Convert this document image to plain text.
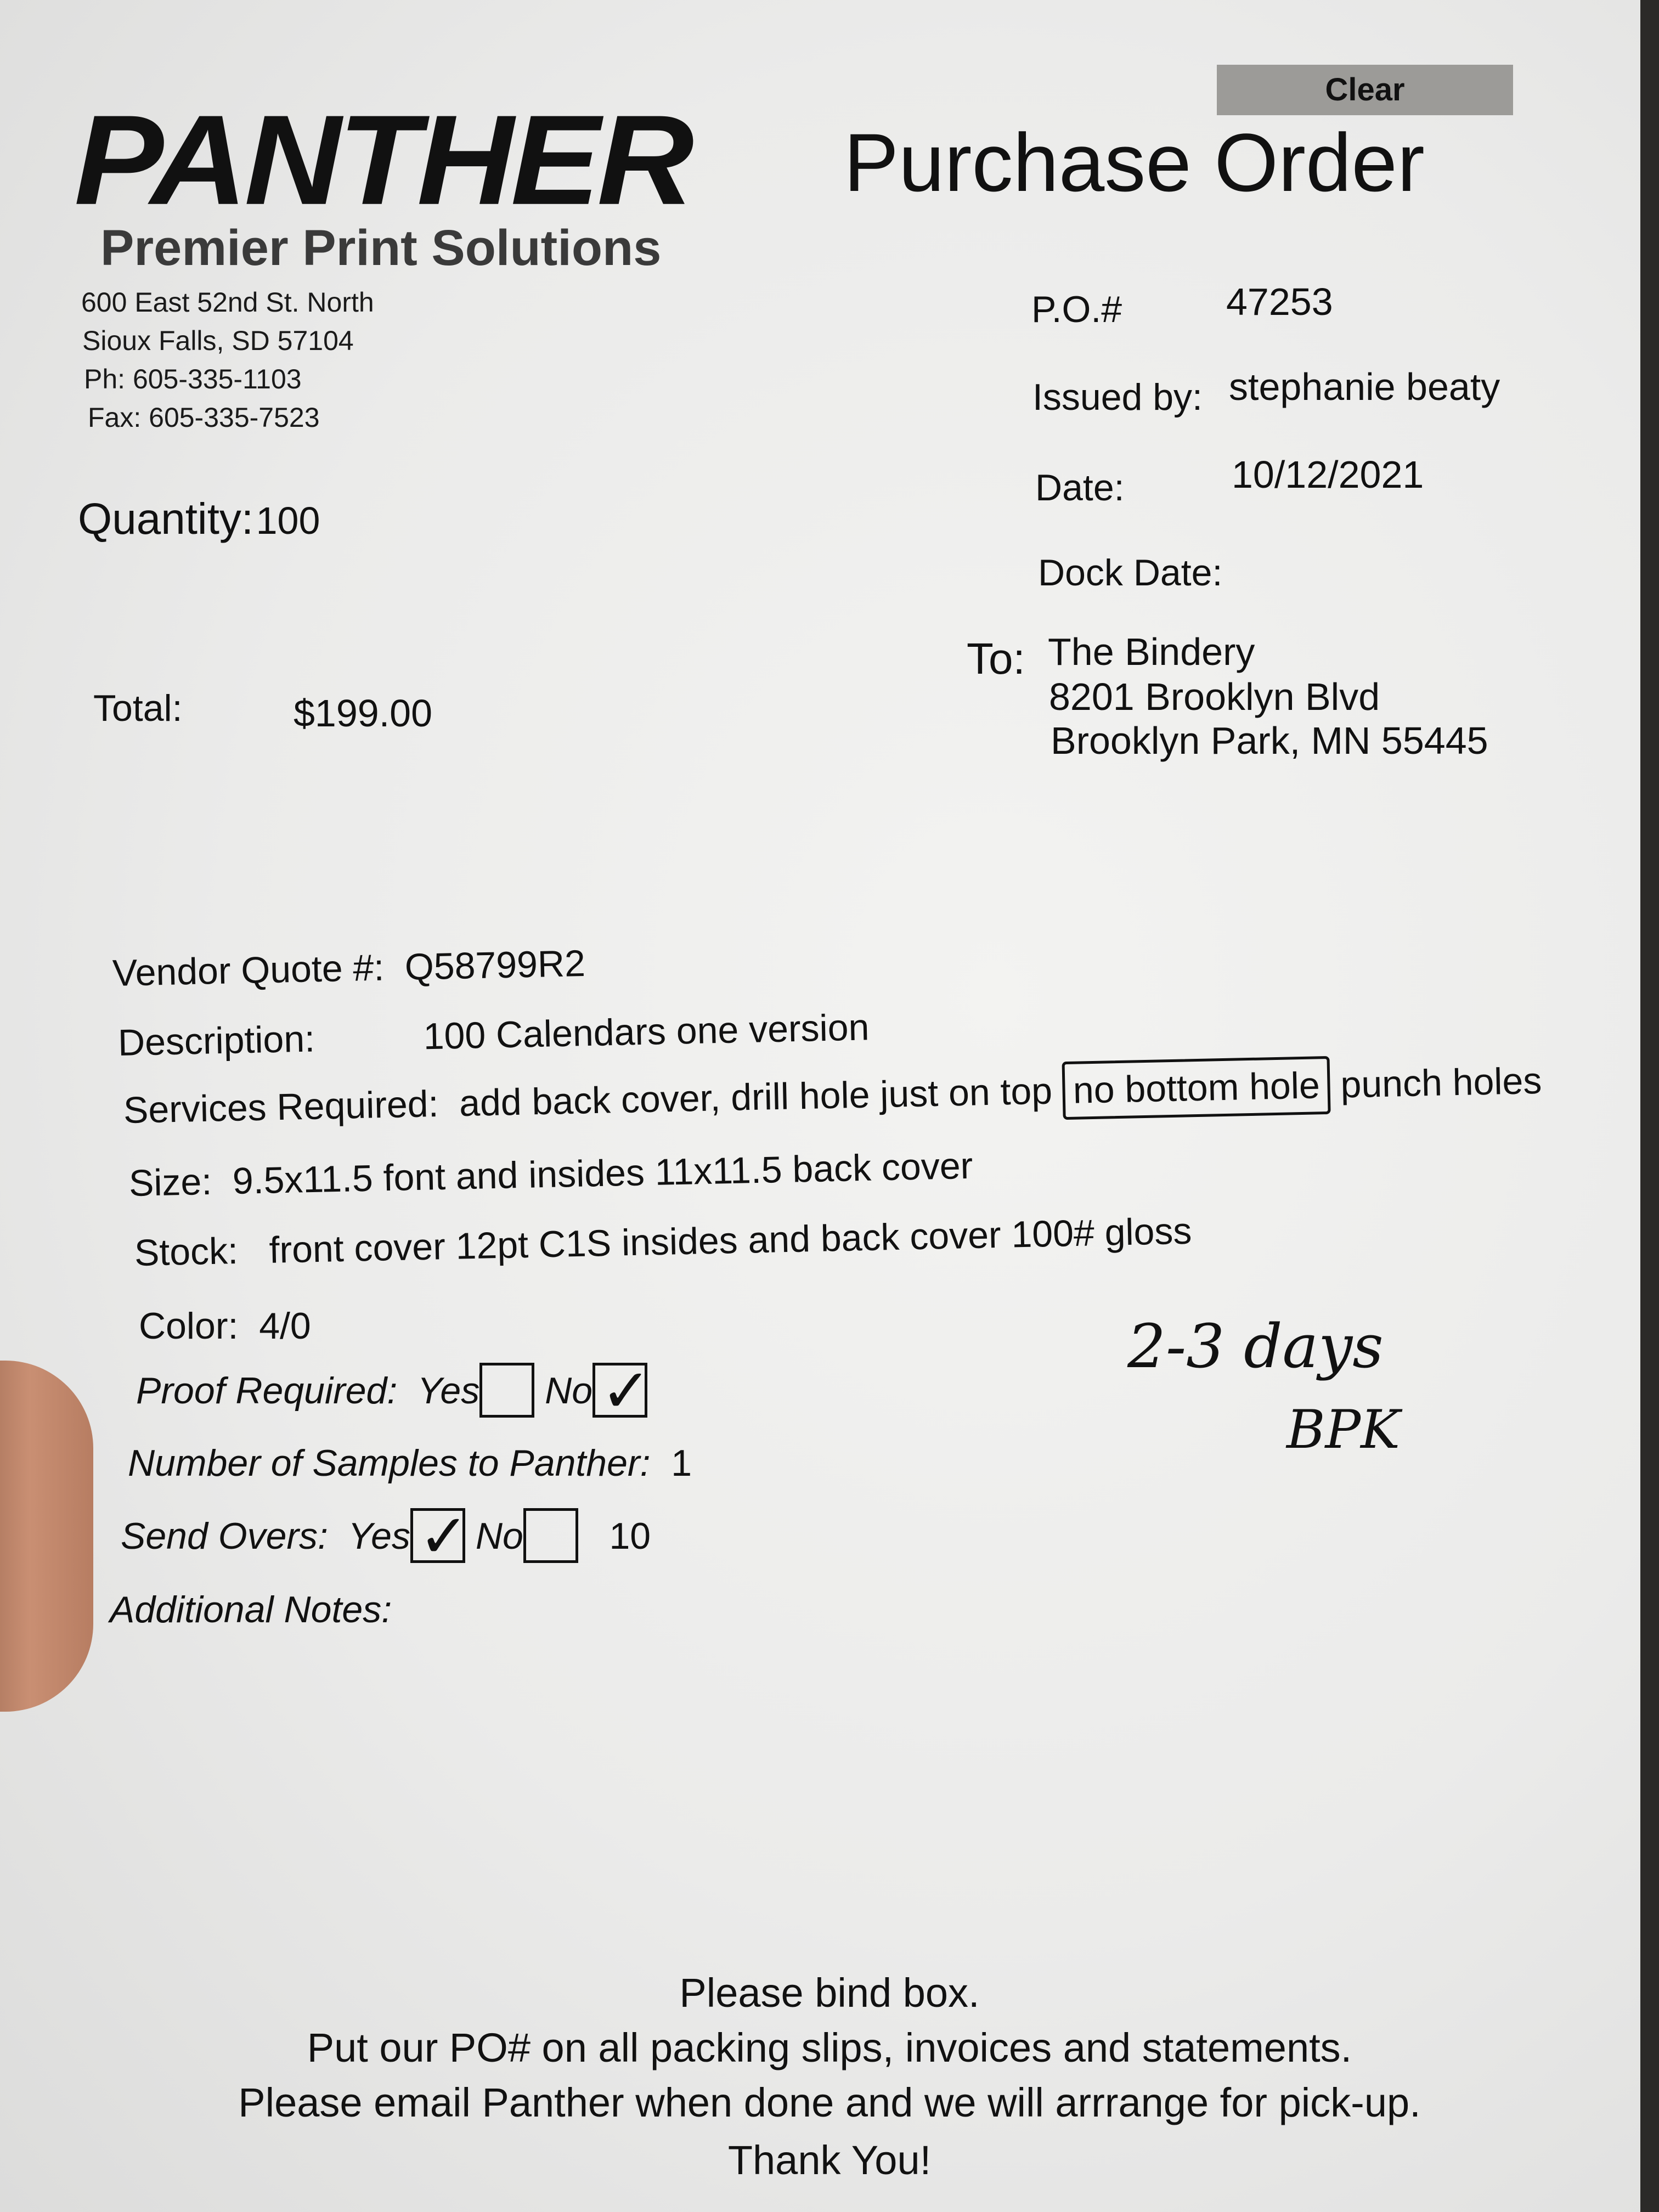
PANTHER
Premier Print Solutions
600 East 52nd St. North
Sioux Falls, SD 57104
Ph: 605-335-1103
Fax: 605-335-7523
Clear
Purchase Order
P.O.#	47253
Issued by: stephanie beaty
Date:	10/12/2021
Dock Date:
Quantity: 100
Total:	$199.00
To: The Bindery
8201 Brooklyn Blvd
Brooklyn Park, MN 55445
Vendor Quote #: Q58799R2
Description:	100 Calendars one version
Services Required: add back cover, drill hole just on top no bottom hole punch holes
Size: 9.5x11.5 font and insides 11x11.5 back cover
Stock: front cover 12pt C1S insides and back cover 100# gloss
Color: 4/0
Proof Required: Yes No✓
Number of Samples to Panther: 1
Send Overs: Yes✓ No 10
Additional Notes:
2-3 days
BPK
Please bind box.
Put our PO# on all packing slips, invoices and statements.
Please email Panther when done and we will arrrange for pick-up.
Thank You!
